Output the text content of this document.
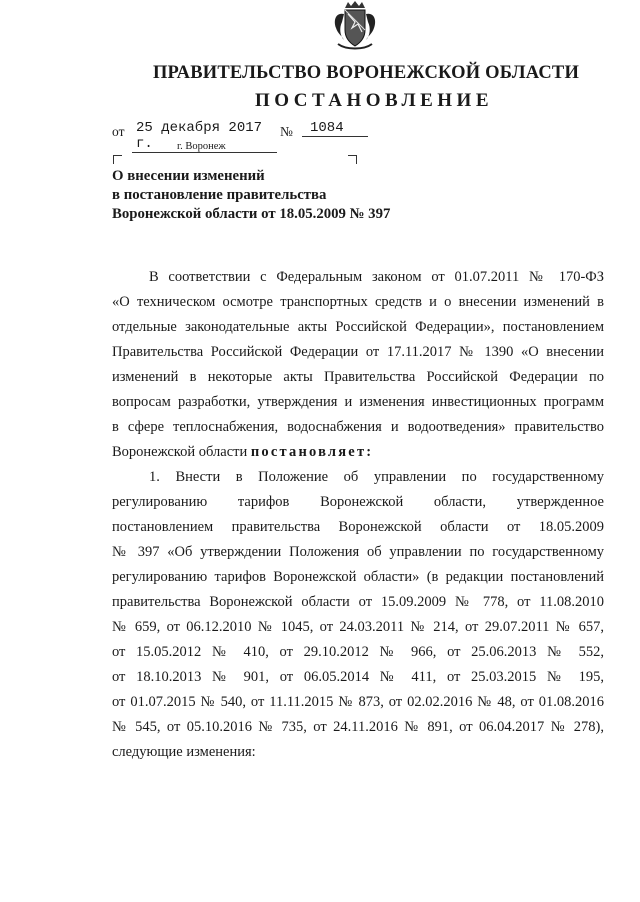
ПРАВИТЕЛЬСТВО ВОРОНЕЖСКОЙ ОБЛАСТИ
ПОСТАНОВЛЕНИЕ
от 25 декабря 2017 г.
№	1084
г. Воронеж
О внесении изменений
в постановление правительства
Воронежской области от 18.05.2009 № 397
В соответствии с Федеральным законом от 01.07.2011 № 170-ФЗ
«О техническом осмотре транспортных средств и о внесении изменений в
отдельные законодательные акты Российской Федерации», постановлением
Правительства Российской Федерации от 17.11.2017 № 1390 «О внесении
изменений в некоторые акты Правительства Российской Федерации по
вопросам разработки, утверждения и изменения инвестиционных программ
в сфере теплоснабжения, водоснабжения и водоотведения» правительство
Воронежской области постановляет:
1. Внести в Положение об управлении по государственному
регулированию тарифов Воронежской области, утвержденное
постановлением правительства Воронежской области от 18.05.2009
№ 397 «Об утверждении Положения об управлении по государственному
регулированию тарифов Воронежской области» (в редакции постановлений
правительства Воронежской области от 15.09.2009 № 778, от 11.08.2010
№ 659, от 06.12.2010 № 1045, от 24.03.2011 № 214, от 29.07.2011 № 657,
от 15.05.2012 № 410, от 29.10.2012 № 966, от 25.06.2013 № 552,
от 18.10.2013 № 901, от 06.05.2014 № 411, от 25.03.2015 № 195,
от 01.07.2015 № 540, от 11.11.2015 № 873, от 02.02.2016 № 48, от 01.08.2016
№ 545, от 05.10.2016 № 735, от 24.11.2016 № 891, от 06.04.2017 № 278),
следующие изменения:
